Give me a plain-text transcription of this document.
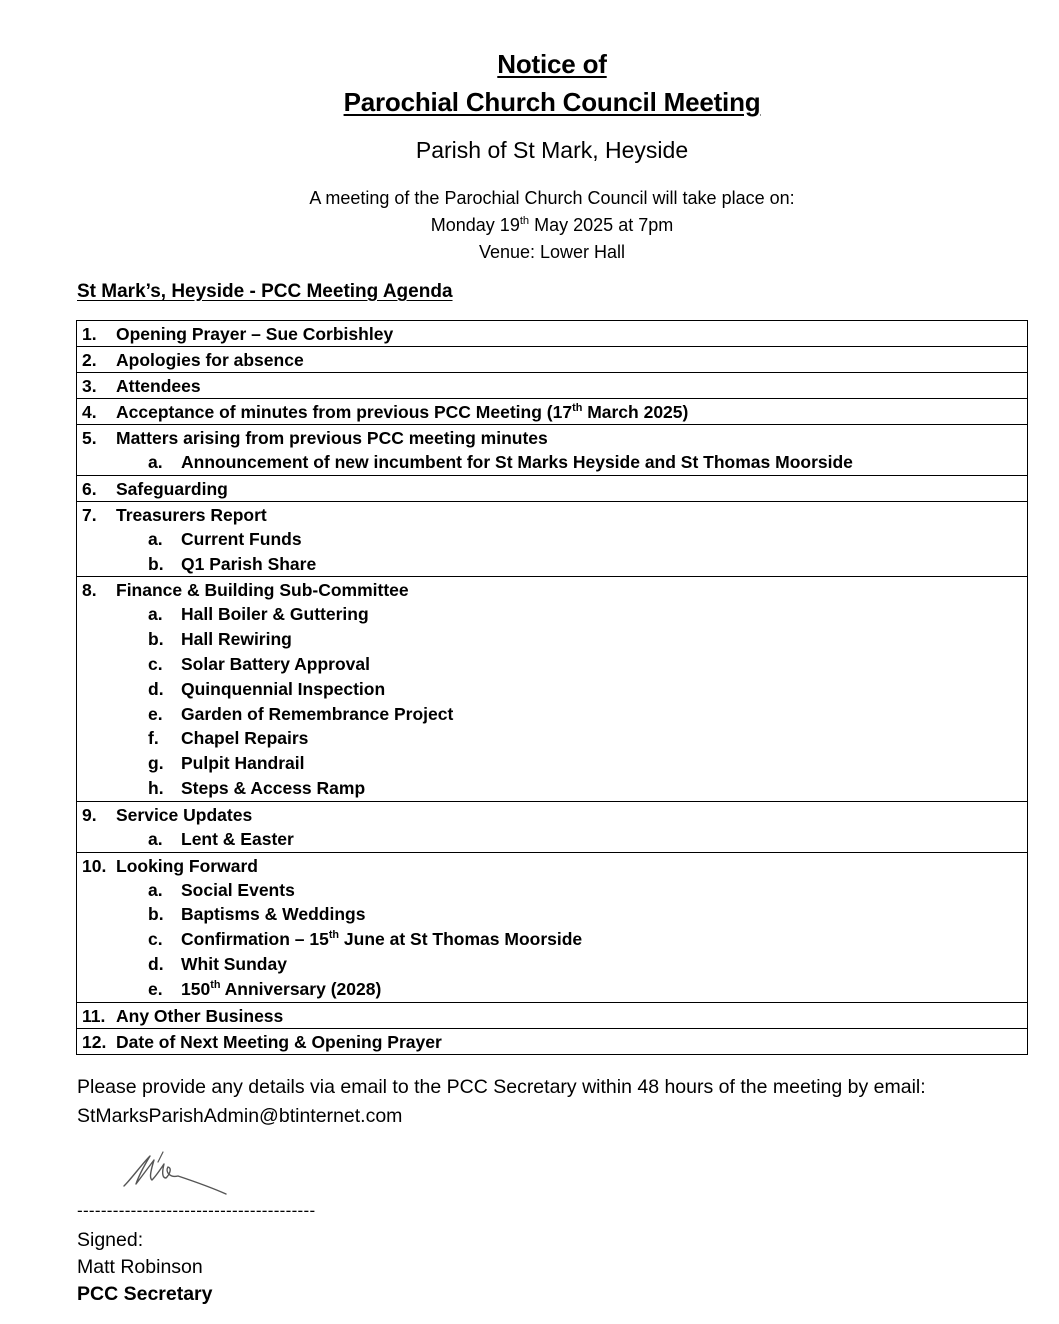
Notice of
Parochial Church Council Meeting
Parish of St Mark, Heyside
A meeting of the Parochial Church Council will take place on:
Monday 19th May 2025 at 7pm
Venue: Lower Hall
St Mark’s, Heyside - PCC Meeting Agenda
1. Opening Prayer – Sue Corbishley

2. Apologies for absence

3. Attendees

4. Acceptance of minutes from previous PCC Meeting (17th March 2025)

5. Matters arising from previous PCC meeting minutes
a. Announcement of new incumbent for St Marks Heyside and St Thomas Moorside

6. Safeguarding

7. Treasurers Report
a. Current Funds
b. Q1 Parish Share

8. Finance & Building Sub-Committee
a. Hall Boiler & Guttering
b. Hall Rewiring
c. Solar Battery Approval
d. Quinquennial Inspection
e. Garden of Remembrance Project
f. Chapel Repairs
g. Pulpit Handrail
h. Steps & Access Ramp

9. Service Updates
a. Lent & Easter

10. Looking Forward
a. Social Events
b. Baptisms & Weddings
c. Confirmation – 15th June at St Thomas Moorside
d. Whit Sunday
e. 150th Anniversary (2028)

11. Any Other Business

12. Date of Next Meeting & Opening Prayer
Please provide any details via email to the PCC Secretary within 48 hours of the meeting by email:
StMarksParishAdmin@btinternet.com
----------------------------------------
Signed:
Matt Robinson
PCC Secretary
